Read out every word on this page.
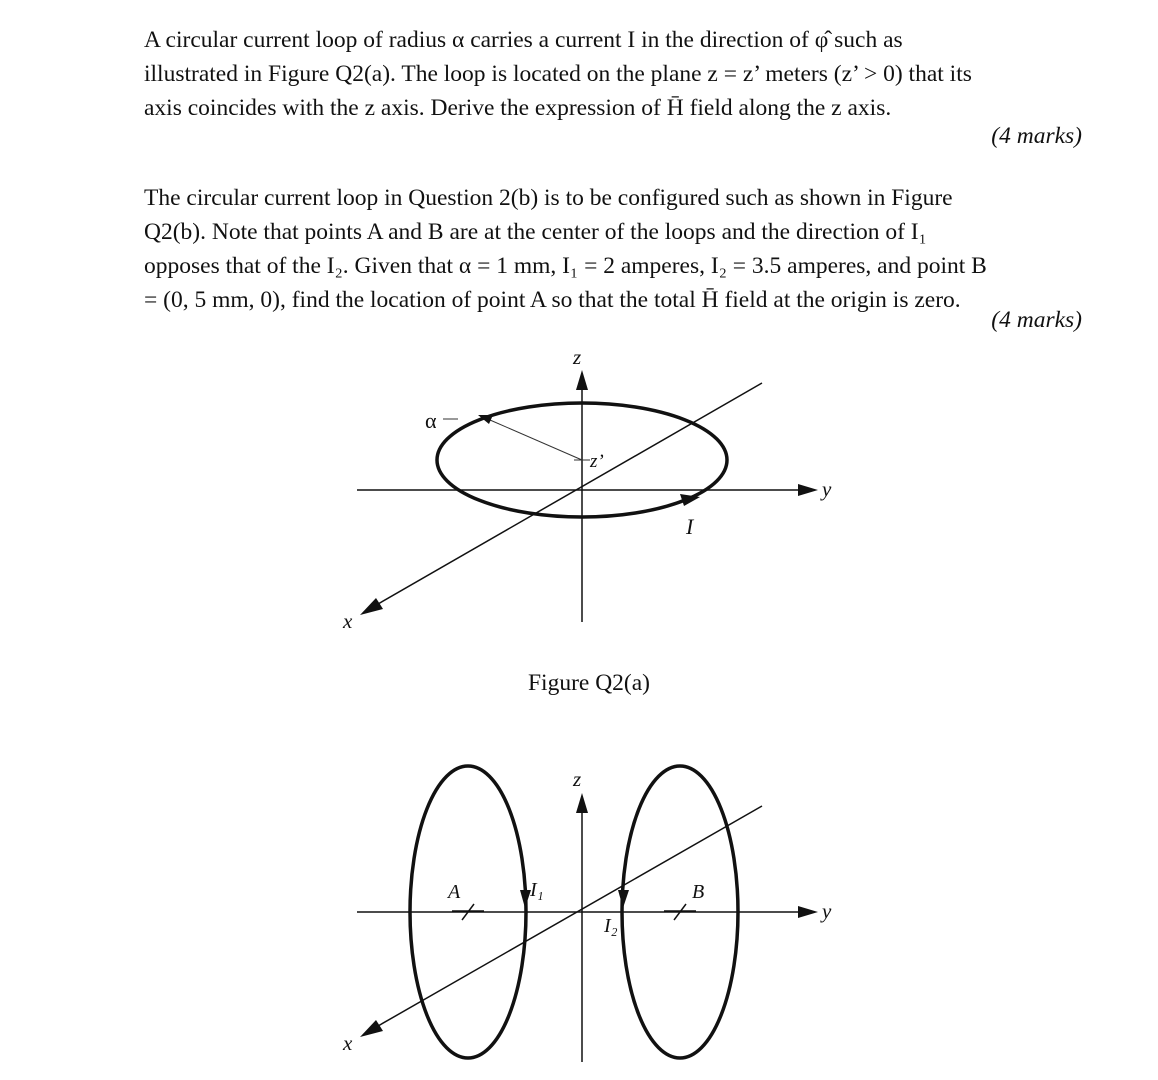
A circular current loop of radius α carries a current I in the direction of φ̂ such as
illustrated in Figure Q2(a). The loop is located on the plane z = z’ meters (z’ > 0) that its
axis coincides with the z axis. Derive the expression of H̄ field along the z axis.

(4 marks)

The circular current loop in Question 2(b) is to be configured such as shown in Figure
Q2(b). Note that points A and B are at the center of the loops and the direction of I₁
opposes that of the I₂. Given that α = 1 mm, I₁ = 2 amperes, I₂ = 3.5 amperes, and point B
= (0, 5 mm, 0), find the location of point A so that the total H̄ field at the origin is zero.

(4 marks)
z
y
x
α
z’
I
z
y
x
A	B
I₁
I₂
Figure Q2(a)
